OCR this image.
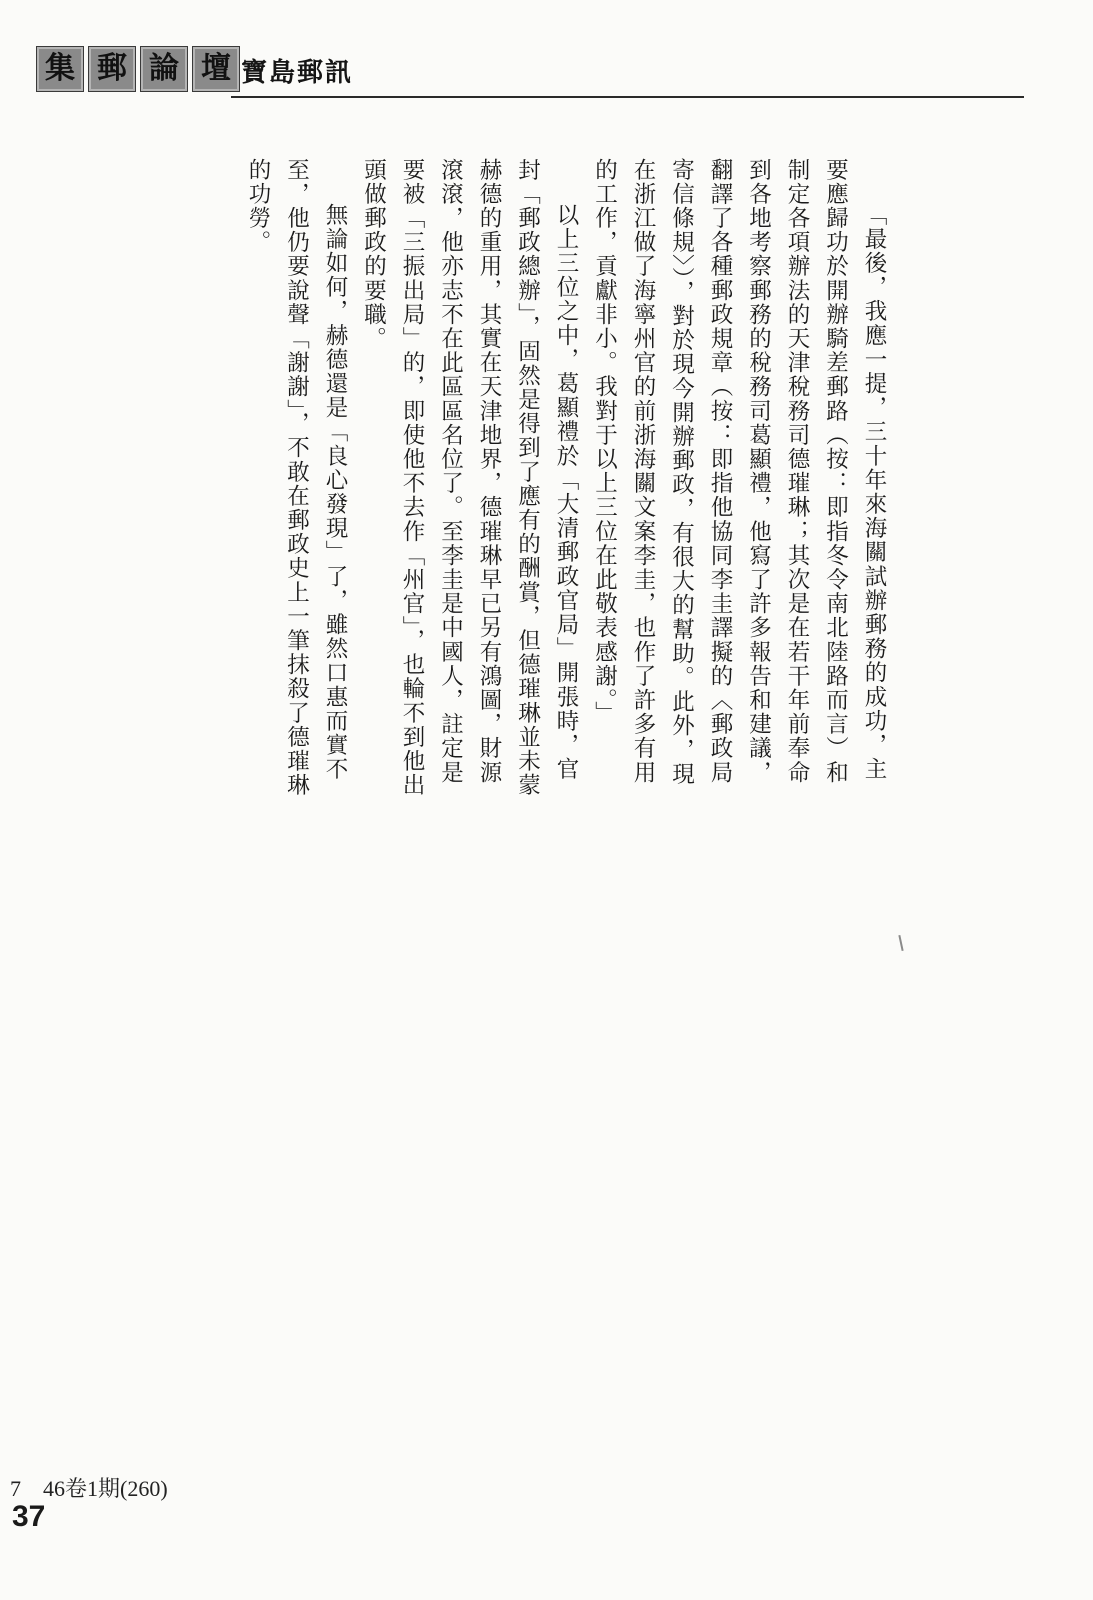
集 郵 論 壇 寶島郵訊

「最後，我應一提，三十年來海關試辦郵務的成功，主要應歸功於開辦騎差郵路（按：即指冬令南北陸路而言）和制定各項辦法的天津稅務司德璀琳；其次是在若干年前奉命到各地考察郵務的稅務司葛顯禮，他寫了許多報告和建議，翻譯了各種郵政規章（按：即指他協同李圭譯擬的〈郵政局寄信條規〉），對於現今開辦郵政，有很大的幫助。此外，現在浙江做了海寧州官的前浙海關文案李圭，也作了許多有用的工作，貢獻非小。我對于以上三位在此敬表感謝。」

以上三位之中，葛顯禮於「大清郵政官局」開張時，官封「郵政總辦」，固然是得到了應有的酬賞，但德璀琳並未蒙赫德的重用，其實在天津地界，德璀琳早已另有鴻圖，財源滾滾，他亦志不在此區區名位了。至李圭是中國人，註定是要被「三振出局」的，即使他不去作「州官」，也輪不到他出頭做郵政的要職。

無論如何，赫德還是「良心發現」了，雖然口惠而實不至，他仍要說聲「謝謝」，不敢在郵政史上一筆抹殺了德璀琳的功勞。

7　46卷1期(260)
37
